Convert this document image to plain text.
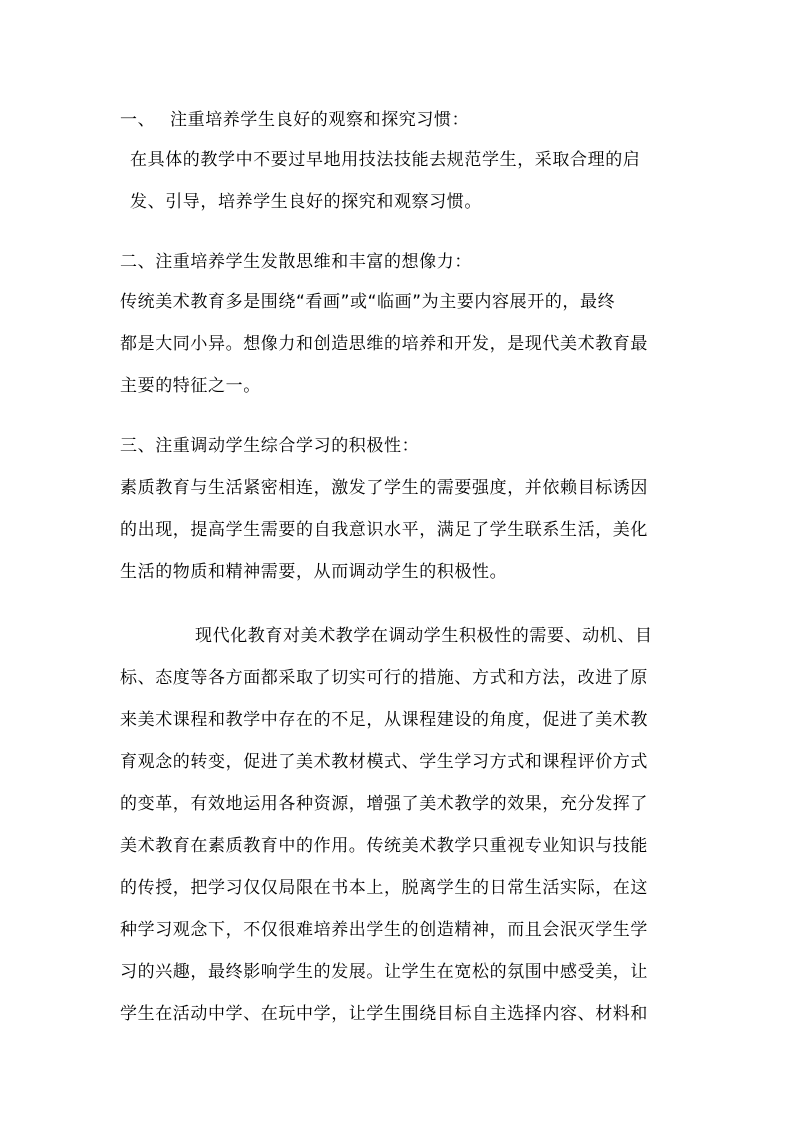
一、 注重培养学生良好的观察和探究习惯：
在具体的教学中不要过早地用技法技能去规范学生，采取合理的启
发、引导，培养学生良好的探究和观察习惯。
二、注重培养学生发散思维和丰富的想像力：
传统美术教育多是围绕“看画”或“临画”为主要内容展开的，最终
都是大同小异。想像力和创造思维的培养和开发，是现代美术教育最
主要的特征之一。
三、注重调动学生综合学习的积极性：
素质教育与生活紧密相连，激发了学生的需要强度，并依赖目标诱因
的出现，提高学生需要的自我意识水平，满足了学生联系生活，美化
生活的物质和精神需要，从而调动学生的积极性。
现代化教育对美术教学在调动学生积极性的需要、动机、目
标、态度等各方面都采取了切实可行的措施、方式和方法，改进了原
来美术课程和教学中存在的不足，从课程建设的角度，促进了美术教
育观念的转变，促进了美术教材模式、学生学习方式和课程评价方式
的变革，有效地运用各种资源，增强了美术教学的效果，充分发挥了
美术教育在素质教育中的作用。传统美术教学只重视专业知识与技能
的传授，把学习仅仅局限在书本上，脱离学生的日常生活实际，在这
种学习观念下，不仅很难培养出学生的创造精神，而且会泯灭学生学
习的兴趣，最终影响学生的发展。让学生在宽松的氛围中感受美，让
学生在活动中学、在玩中学，让学生围绕目标自主选择内容、材料和
